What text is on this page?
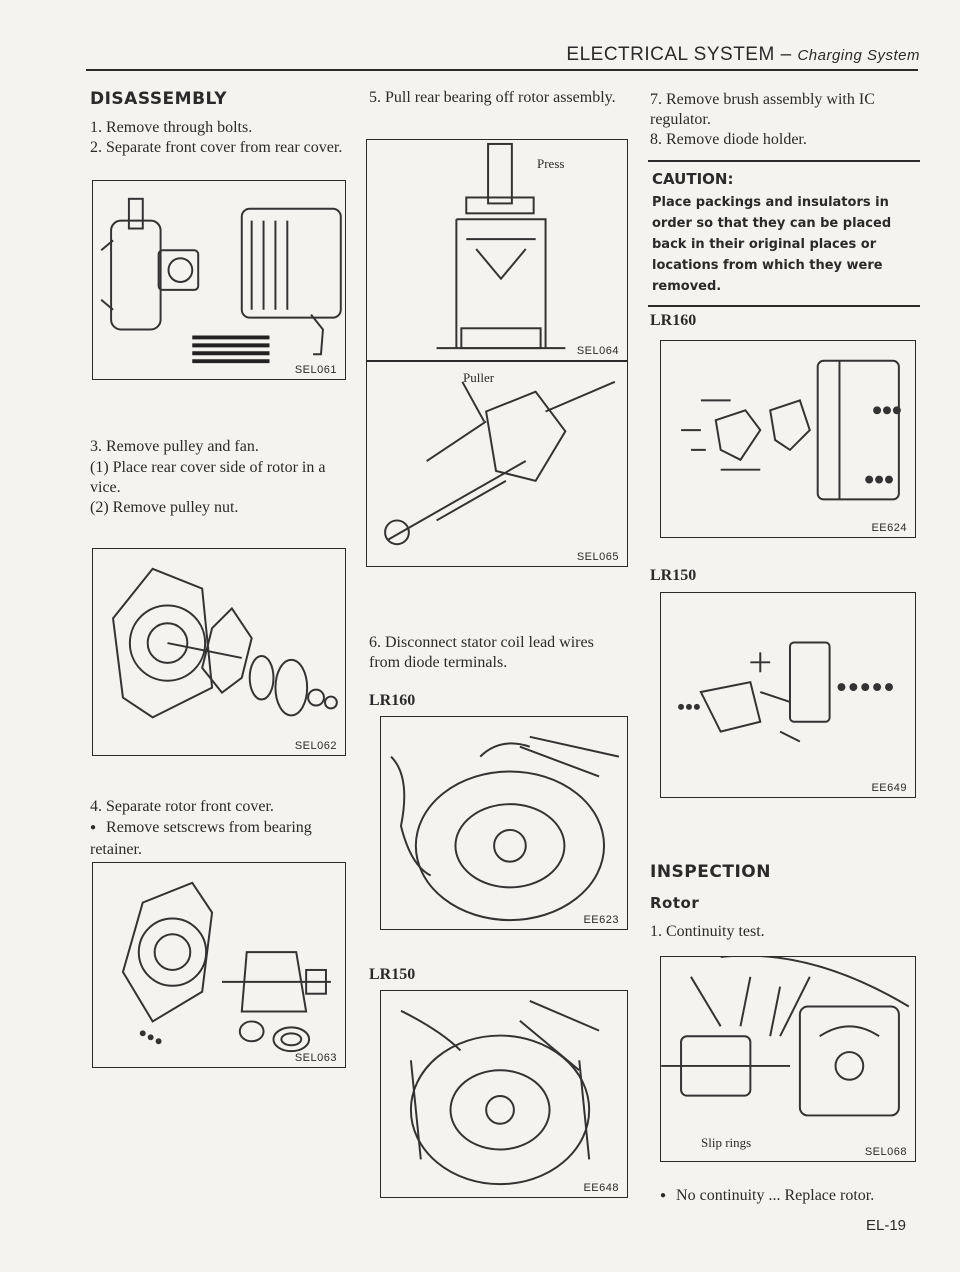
ELECTRICAL SYSTEM – Charging System
DISASSEMBLY

1. Remove through bolts.

2. Separate front cover from rear cover.

SEL061

3. Remove pulley and fan.

(1) Place rear cover side of rotor in a vice.

(2) Remove pulley nut.

SEL062

4. Separate rotor front cover.

● Remove setscrews from bearing retainer.

SEL063

5. Pull rear bearing off rotor assembly.

Press
SEL064
Puller
SEL065

6. Disconnect stator coil lead wires from diode terminals.

LR160
EE623
LR150
EE648

7. Remove brush assembly with IC regulator.

8. Remove diode holder.

CAUTION:
Place packings and insulators in order so that they can be placed back in their original places or locations from which they were removed.
LR160
EE624
LR150
EE649
INSPECTION
Rotor

1. Continuity test.

Slip rings
SEL068

● No continuity ... Replace rotor.

EL-19
